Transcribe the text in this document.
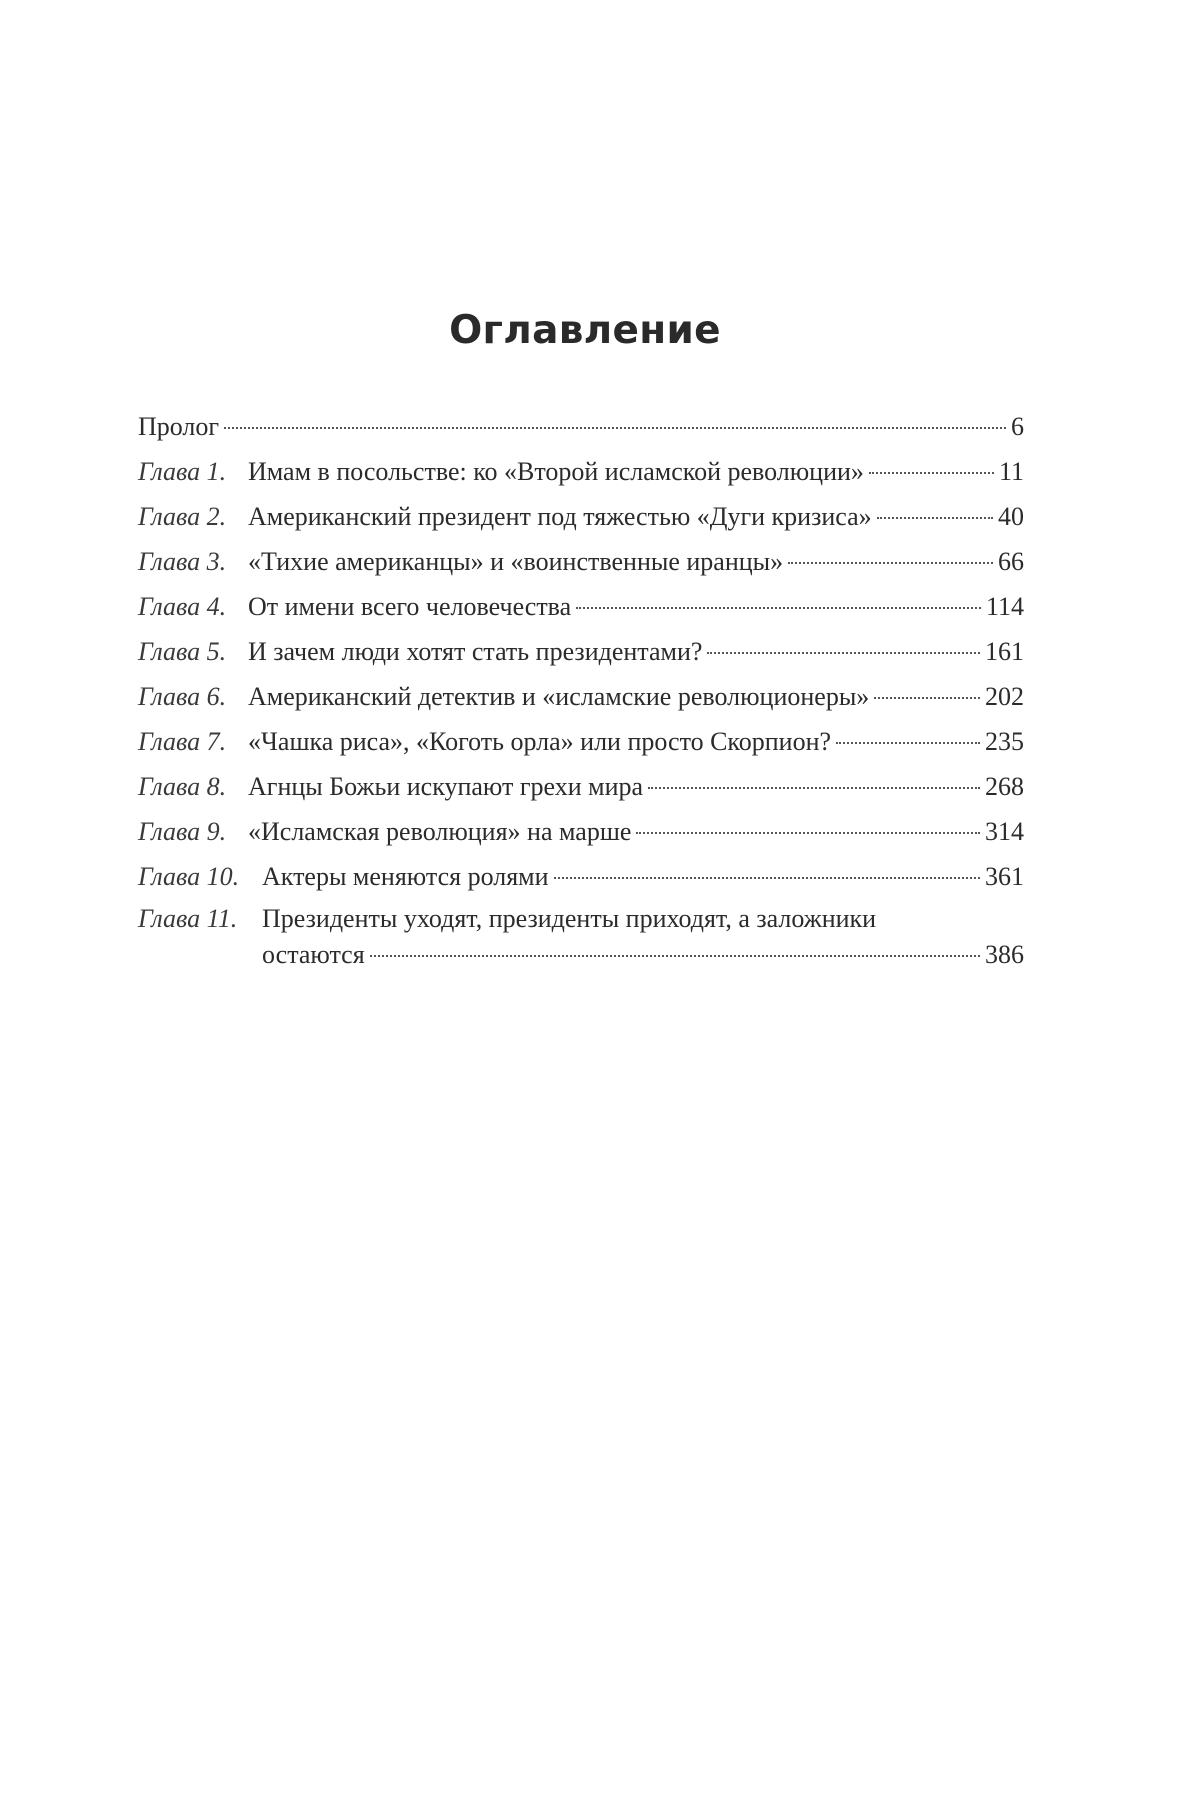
Оглавление
Пролог	6
Глава 1. Имам в посольстве: ко «Второй исламской революции»	11
Глава 2. Американский президент под тяжестью «Дуги кризиса»	40
Глава 3. «Тихие американцы» и «воинственные иранцы»	66
Глава 4. От имени всего человечества	114
Глава 5. И зачем люди хотят стать президентами?	161
Глава 6. Американский детектив и «исламские революционеры»	202
Глава 7. «Чашка риса», «Коготь орла» или просто Скорпион?	235
Глава 8. Агнцы Божьи искупают грехи мира	268
Глава 9. «Исламская революция» на марше	314
Глава 10. Актеры меняются ролями	361
Глава 11. Президенты уходят, президенты приходят, а заложники
остаются	386
